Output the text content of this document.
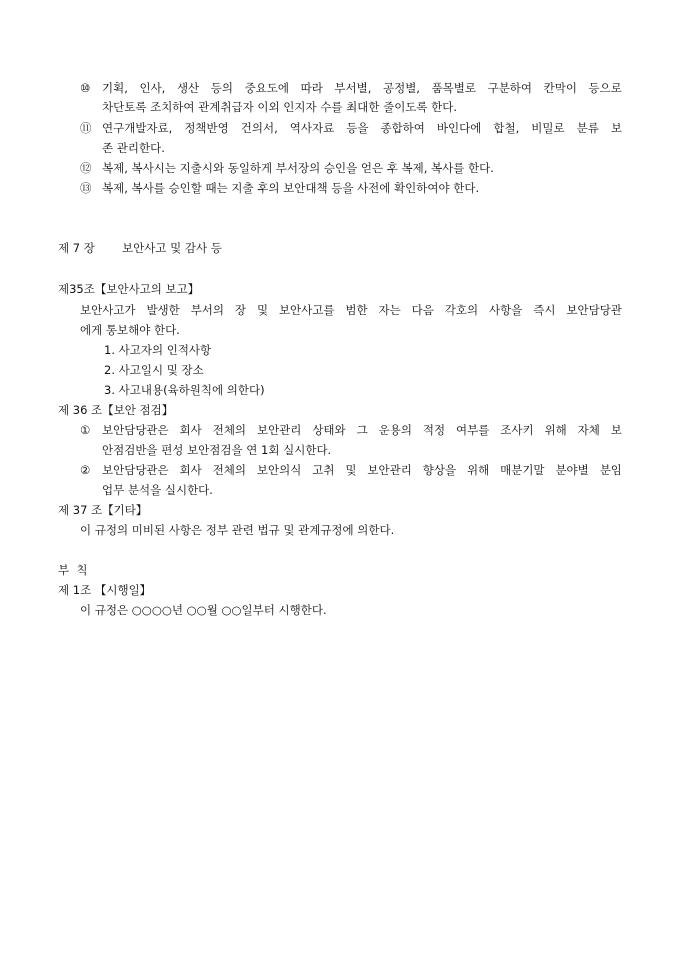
⑩ 기획, 인사, 생산 등의 중요도에 따라 부서별, 공정별, 품목별로 구분하여 칸막이 등으로
차단토록 조치하여 관계취급자 이외 인지자 수를 최대한 줄이도록 한다.
⑪ 연구개발자료, 정책반영 건의서, 역사자료 등을 종합하여 바인다에 합철, 비밀로 분류 보
존 관리한다.
⑫ 복제, 복사시는 지출시와 동일하게 부서장의 승인을 얻은 후 복제, 복사를 한다.
⑬ 복제, 복사를 승인할 때는 지출 후의 보안대책 등을 사전에 확인하여야 한다.
제 7 장 보안사고 및 감사 등
제35조【보안사고의 보고】
보안사고가 발생한 부서의 장 및 보안사고를 범한 자는 다음 각호의 사항을 즉시 보안담당관
에게 통보해야 한다.
1. 사고자의 인적사항
2. 사고일시 및 장소
3. 사고내용(육하원칙에 의한다)
제 36 조【보안 점검】
① 보안담당관은 회사 전체의 보안관리 상태와 그 운용의 적정 여부를 조사키 위해 자체 보
안점검반을 편성 보안점검을 연 1회 실시한다.
② 보안담당관은 회사 전체의 보안의식 고취 및 보안관리 향상을 위해 매분기말 분야별 분임
업무 분석을 실시한다.
제 37 조【기타】
이 규정의 미비된 사항은 정부 관련 법규 및 관계규정에 의한다.
부  칙
제 1조 【시행일】
이 규정은 ○○○○년 ○○월 ○○일부터 시행한다.
